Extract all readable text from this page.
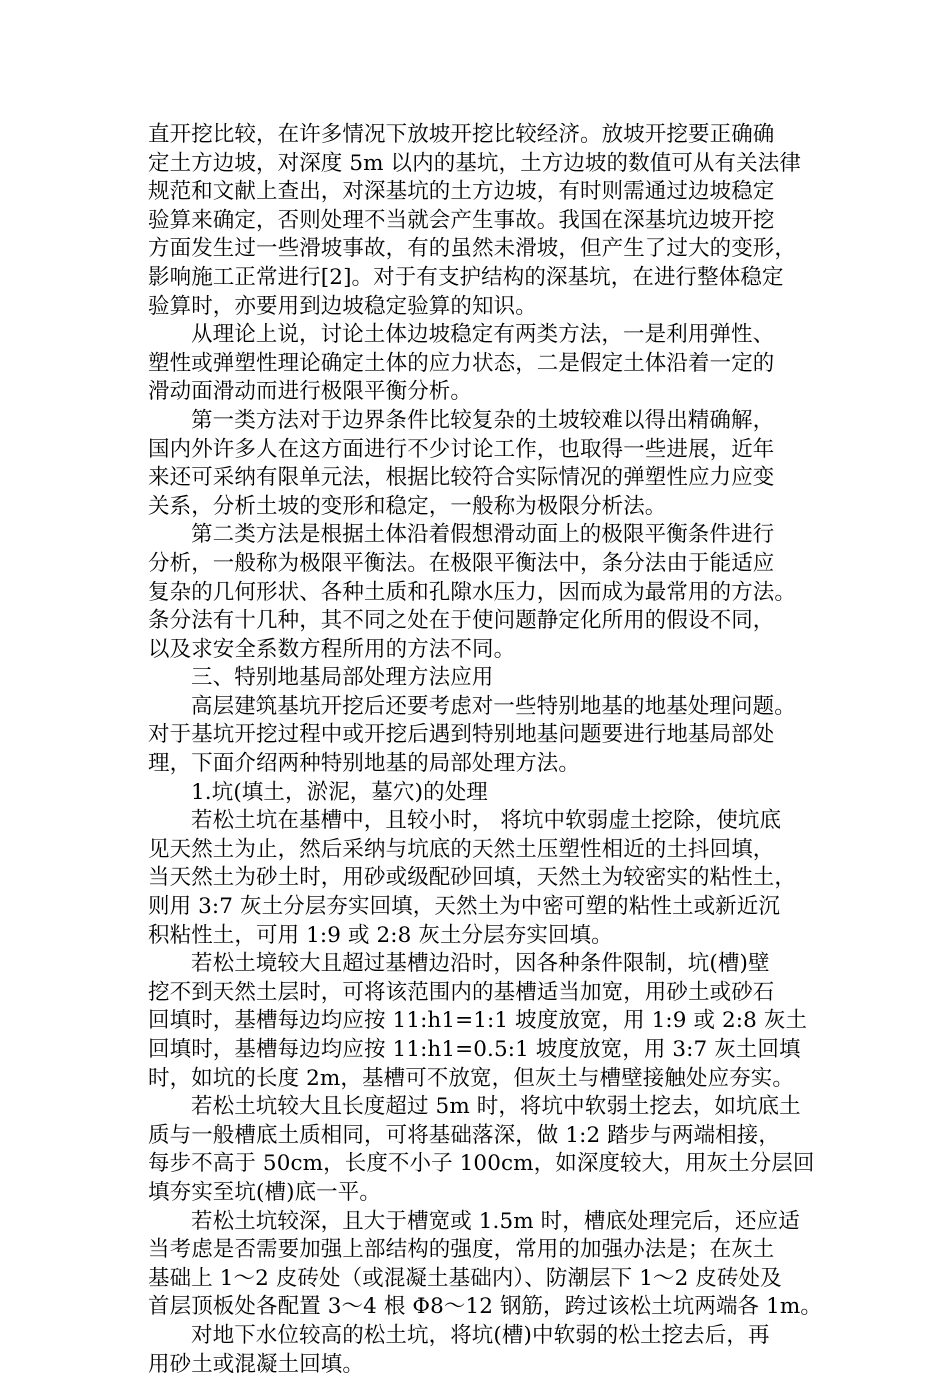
直开挖比较，在许多情况下放坡开挖比较经济。放坡开挖要正确确
定土方边坡，对深度 5m 以内的基坑，土方边坡的数值可从有关法律
规范和文献上查出，对深基坑的土方边坡，有时则需通过边坡稳定
验算来确定，否则处理不当就会产生事故。我国在深基坑边坡开挖
方面发生过一些滑坡事故，有的虽然未滑坡，但产生了过大的变形，
影响施工正常进行[2]。对于有支护结构的深基坑，在进行整体稳定
验算时，亦要用到边坡稳定验算的知识。
从理论上说，讨论土体边坡稳定有两类方法，一是利用弹性、
塑性或弹塑性理论确定土体的应力状态，二是假定土体沿着一定的
滑动面滑动而进行极限平衡分析。
第一类方法对于边界条件比较复杂的土坡较难以得出精确解，
国内外许多人在这方面进行不少讨论工作，也取得一些进展，近年
来还可采纳有限单元法，根据比较符合实际情况的弹塑性应力应变
关系，分析土坡的变形和稳定，一般称为极限分析法。
第二类方法是根据土体沿着假想滑动面上的极限平衡条件进行
分析，一般称为极限平衡法。在极限平衡法中，条分法由于能适应
复杂的几何形状、各种土质和孔隙水压力，因而成为最常用的方法。
条分法有十几种，其不同之处在于使问题静定化所用的假设不同，
以及求安全系数方程所用的方法不同。
三、特别地基局部处理方法应用
高层建筑基坑开挖后还要考虑对一些特别地基的地基处理问题。
对于基坑开挖过程中或开挖后遇到特别地基问题要进行地基局部处
理，下面介绍两种特别地基的局部处理方法。
1.坑(填土，淤泥，墓穴)的处理
若松土坑在基槽中，且较小时， 将坑中软弱虚土挖除，使坑底
见天然土为止，然后采纳与坑底的天然土压塑性相近的土抖回填，
当天然土为砂土时，用砂或级配砂回填，天然土为较密实的粘性土，
则用 3:7 灰土分层夯实回填，天然土为中密可塑的粘性土或新近沉
积粘性土，可用 1:9 或 2:8 灰土分层夯实回填。
若松土境较大且超过基槽边沿时，因各种条件限制，坑(槽)壁
挖不到天然土层时，可将该范围内的基槽适当加宽，用砂土或砂石
回填时，基槽每边均应按 11:h1=1:1 坡度放宽，用 1:9 或 2:8 灰土
回填时，基槽每边均应按 11:h1=0.5:1 坡度放宽，用 3:7 灰土回填
时，如坑的长度 2m，基槽可不放宽，但灰土与槽壁接触处应夯实。
若松土坑较大且长度超过 5m 时，将坑中软弱土挖去，如坑底土
质与一般槽底土质相同，可将基础落深，做 1:2 踏步与两端相接，
每步不高于 50cm，长度不小子 100cm，如深度较大，用灰土分层回
填夯实至坑(槽)底一平。
若松土坑较深，且大于槽宽或 1.5m 时，槽底处理完后，还应适
当考虑是否需要加强上部结构的强度，常用的加强办法是；在灰土
基础上 1～2 皮砖处（或混凝土基础内）、防潮层下 1～2 皮砖处及
首层顶板处各配置 3～4 根 Φ8～12 钢筋，跨过该松土坑两端各 1m。
对地下水位较高的松土坑，将坑(槽)中软弱的松土挖去后，再
用砂土或混凝土回填。
